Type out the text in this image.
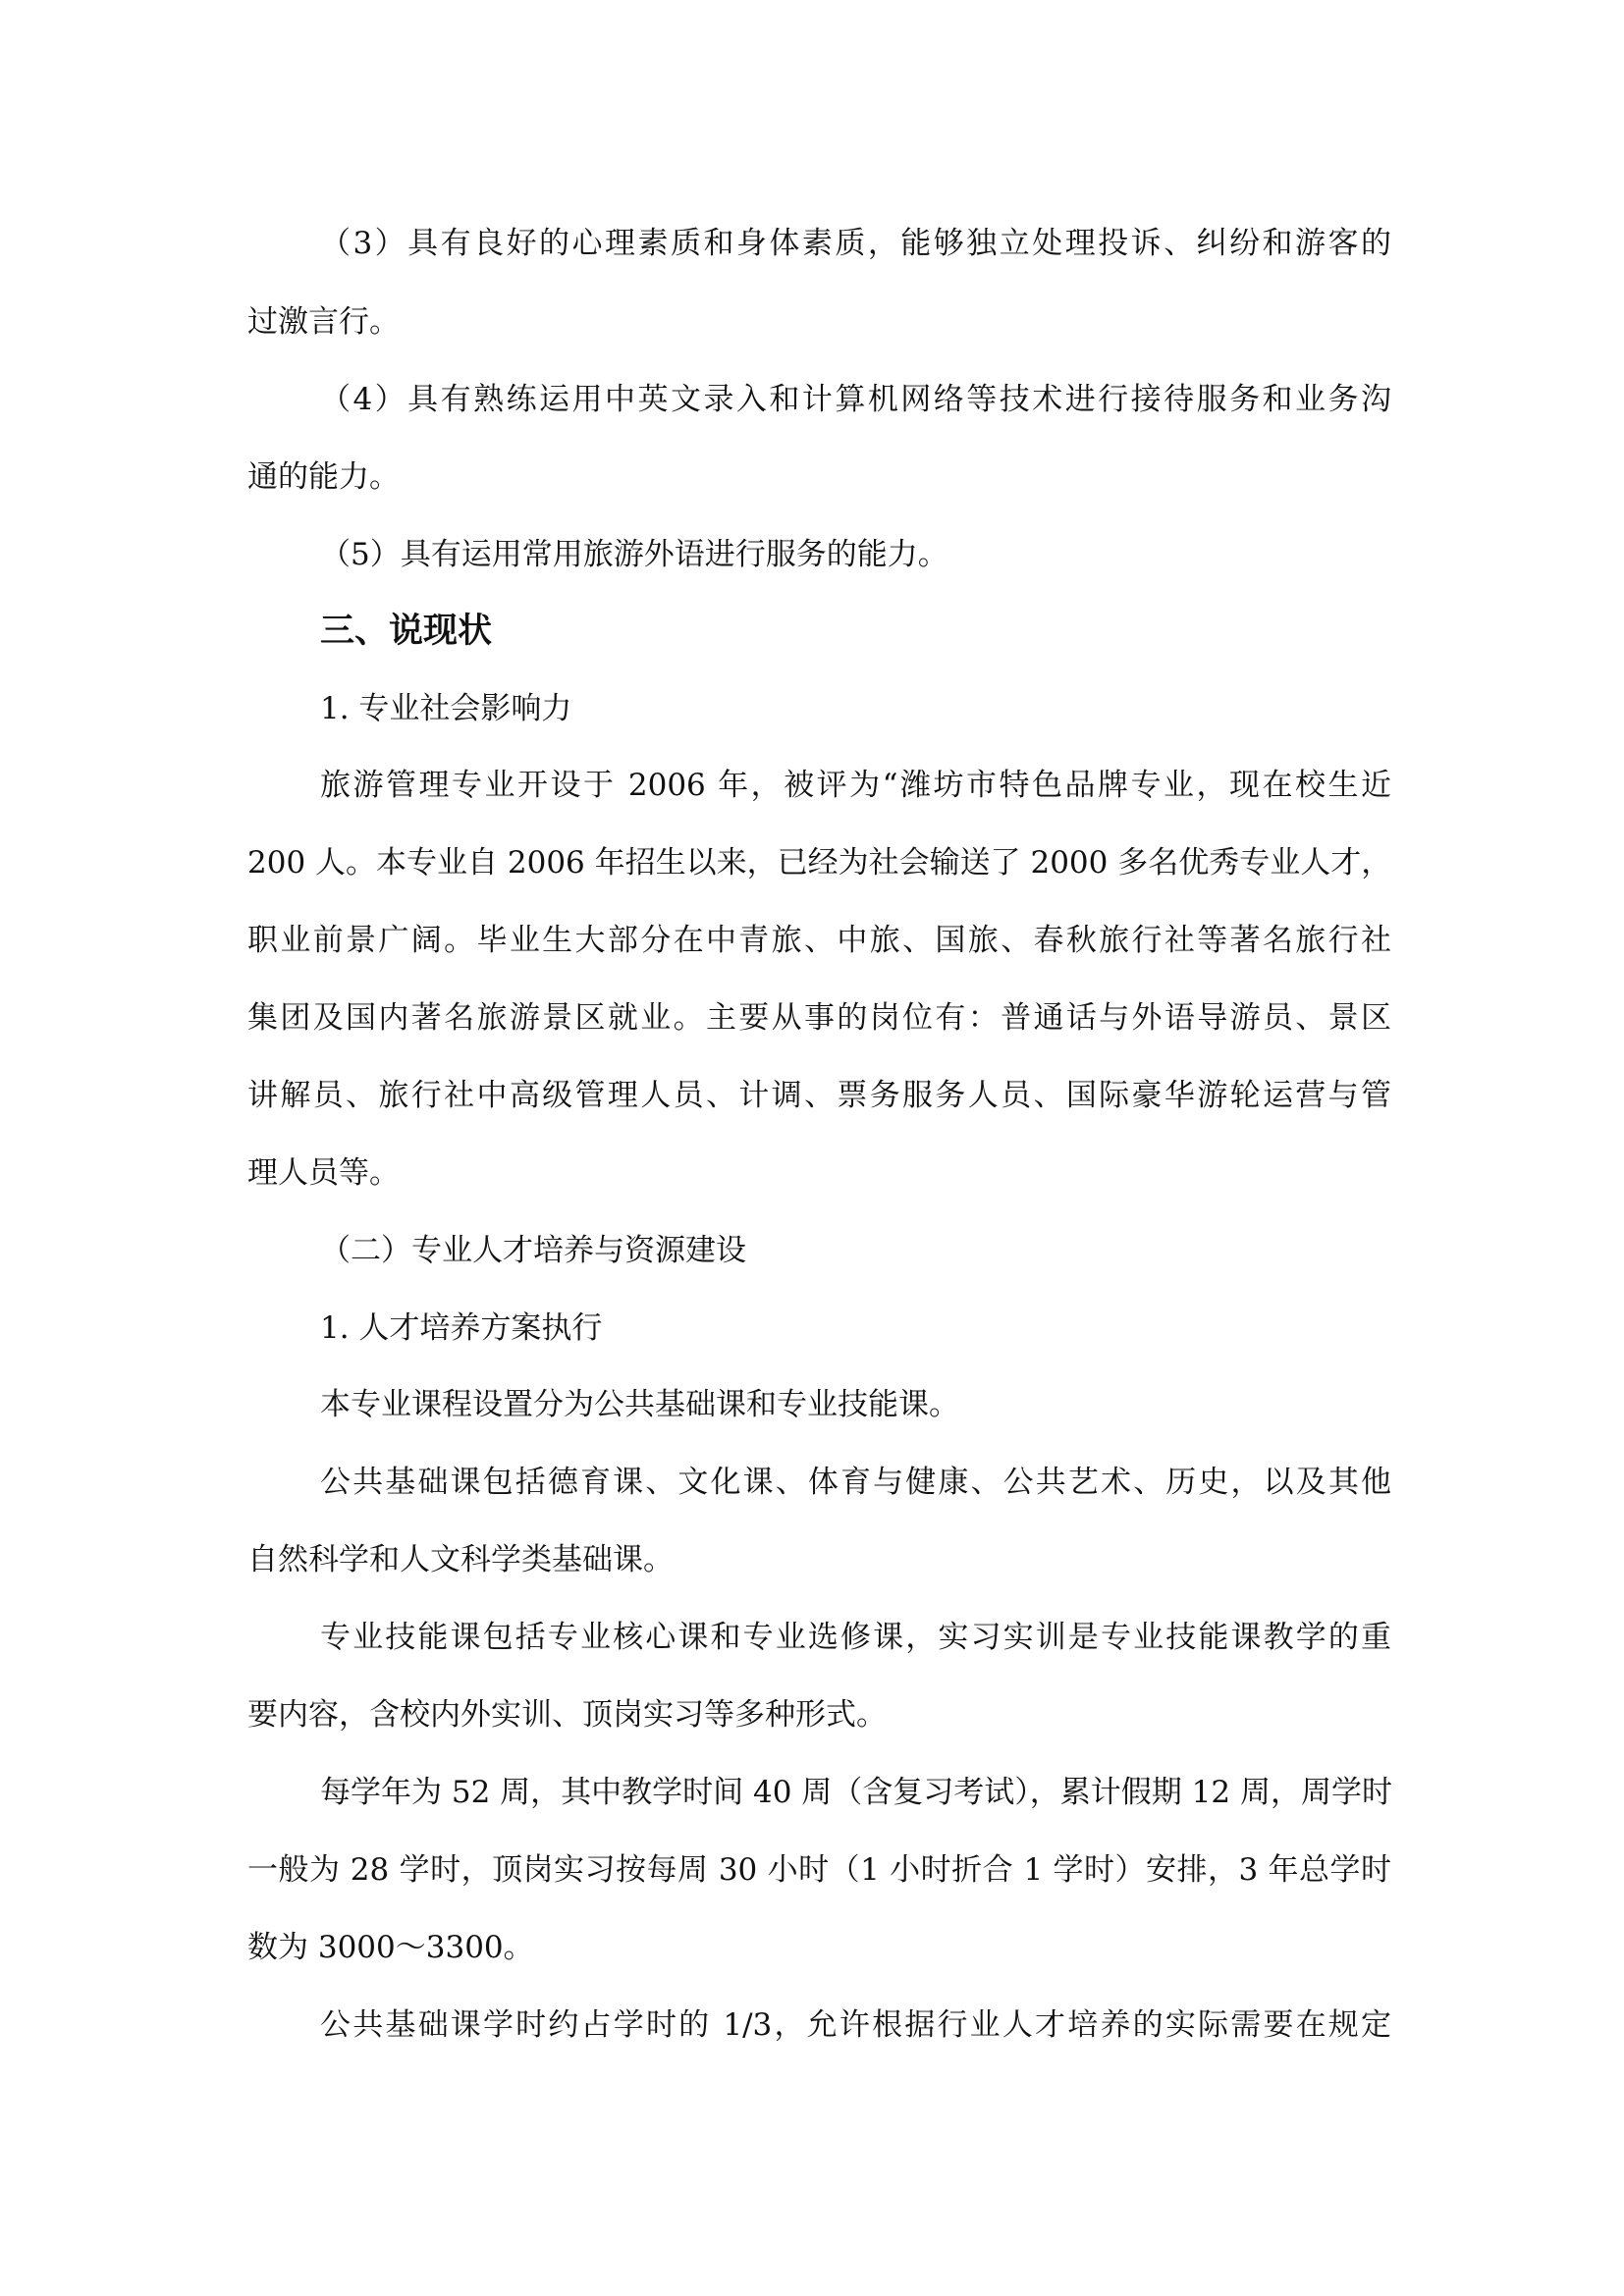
（3）具有良好的心理素质和身体素质，能够独立处理投诉、纠纷和游客的

过激言行。

（4）具有熟练运用中英文录入和计算机网络等技术进行接待服务和业务沟

通的能力。

（5）具有运用常用旅游外语进行服务的能力。

三、说现状

1. 专业社会影响力

旅游管理专业开设于 2006 年，被评为“潍坊市特色品牌专业，现在校生近

200 人。本专业自 2006 年招生以来，已经为社会输送了 2000 多名优秀专业人才，

职业前景广阔。毕业生大部分在中青旅、中旅、国旅、春秋旅行社等著名旅行社

集团及国内著名旅游景区就业。主要从事的岗位有：普通话与外语导游员、景区

讲解员、旅行社中高级管理人员、计调、票务服务人员、国际豪华游轮运营与管

理人员等。

（二）专业人才培养与资源建设

1. 人才培养方案执行

本专业课程设置分为公共基础课和专业技能课。

公共基础课包括德育课、文化课、体育与健康、公共艺术、历史，以及其他

自然科学和人文科学类基础课。

专业技能课包括专业核心课和专业选修课，实习实训是专业技能课教学的重

要内容，含校内外实训、顶岗实习等多种形式。

每学年为 52 周，其中教学时间 40 周（含复习考试），累计假期 12 周，周学时

一般为 28 学时，顶岗实习按每周 30 小时（1 小时折合 1 学时）安排，3 年总学时

数为 3000～3300。

公共基础课学时约占学时的 1/3，允许根据行业人才培养的实际需要在规定
